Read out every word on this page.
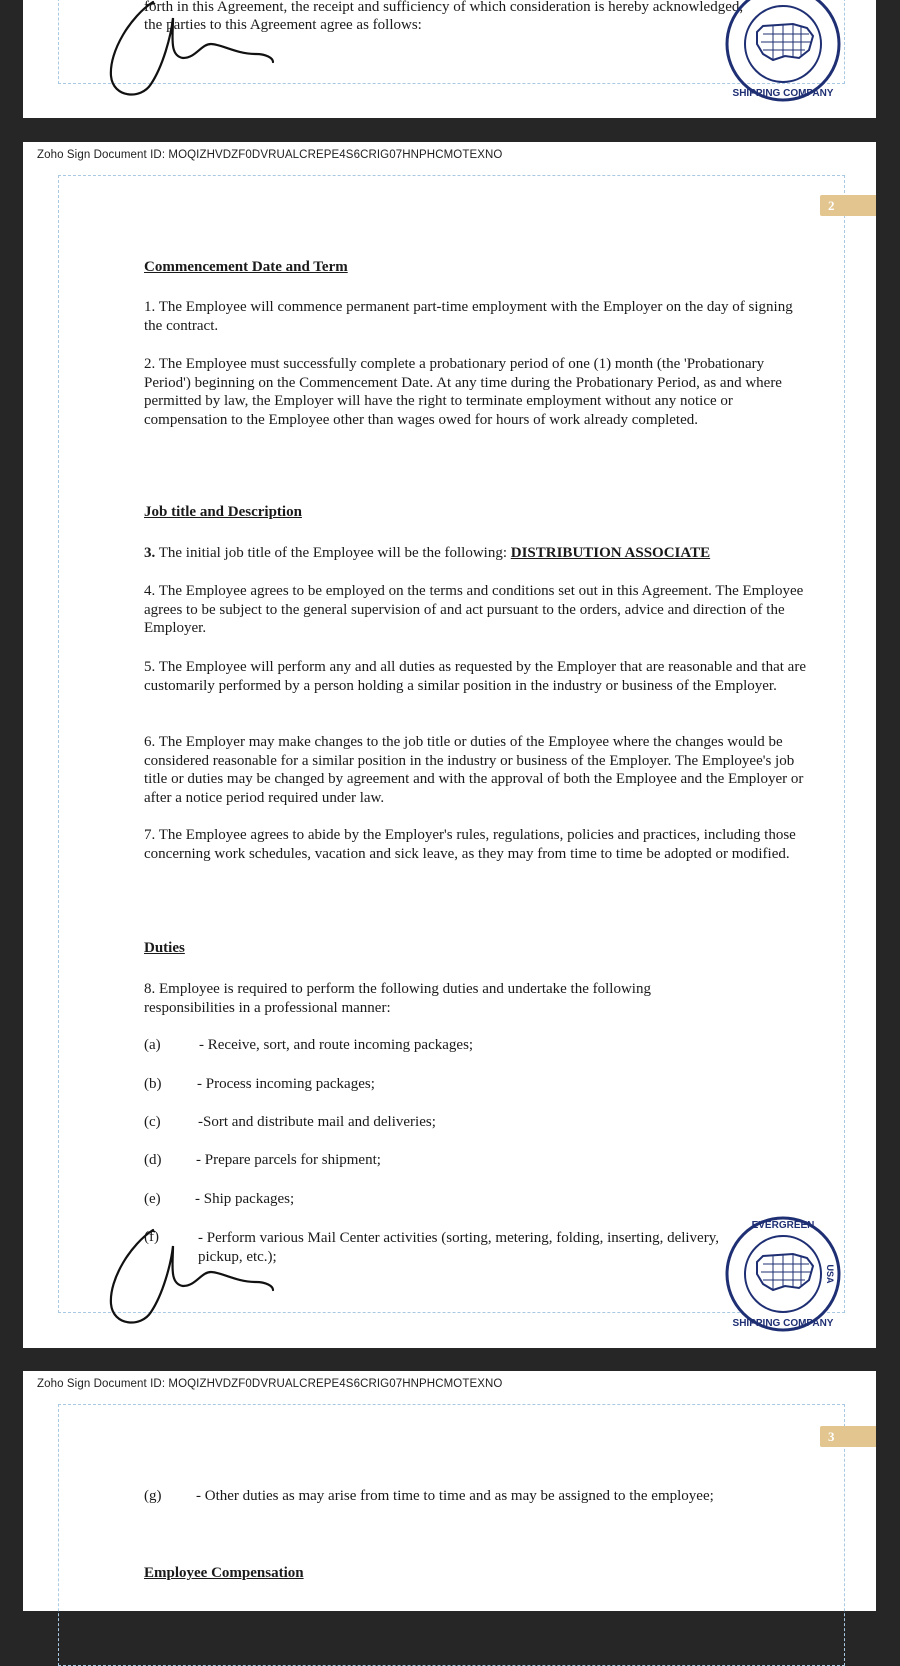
forth in this Agreement, the receipt and sufficiency of which consideration is hereby acknowledged,

the parties to this Agreement agree as follows:

SHIPPING COMPANY
Zoho Sign Document ID: MOQIZHVDZF0DVRUALCREPE4S6CRIG07HNPHCMOTEXNO
2
Commencement Date and Term

1. The Employee will commence permanent part-time employment with the Employer on the day of signing the contract.

2. The Employee must successfully complete a probationary period of one (1) month (the 'Probationary Period') beginning on the Commencement Date. At any time during the Probationary Period, as and where permitted by law, the Employer will have the right to terminate employment without any notice or compensation to the Employee other than wages owed for hours of work already completed.

Job title and Description

3. The initial job title of the Employee will be the following: DISTRIBUTION ASSOCIATE

4. The Employee agrees to be employed on the terms and conditions set out in this Agreement. The Employee agrees to be subject to the general supervision of and act pursuant to the orders, advice and direction of the Employer.

5. The Employee will perform any and all duties as requested by the Employer that are reasonable and that are customarily performed by a person holding a similar position in the industry or business of the Employer.

6. The Employer may make changes to the job title or duties of the Employee where the changes would be considered reasonable for a similar position in the industry or business of the Employer. The Employee's job title or duties may be changed by agreement and with the approval of both the Employee and the Employer or after a notice period required under law.

7. The Employee agrees to abide by the Employer's rules, regulations, policies and practices, including those concerning work schedules, vacation and sick leave, as they may from time to time be adopted or modified.

Duties

8. Employee is required to perform the following duties and undertake the following responsibilities in a professional manner:

(a)	- Receive, sort, and route incoming packages;
(b) - Process incoming packages;
(c) -Sort and distribute mail and deliveries;
(d) - Prepare parcels for shipment;
(e) - Ship packages;
(f)	- Perform various Mail Center activities (sorting, metering, folding, inserting, delivery, pickup, etc.);
EVERGREEN
SHIPPING COMPANY
USA
Zoho Sign Document ID: MOQIZHVDZF0DVRUALCREPE4S6CRIG07HNPHCMOTEXNO
3
(g) - Other duties as may arise from time to time and as may be assigned to the employee;
Employee Compensation
